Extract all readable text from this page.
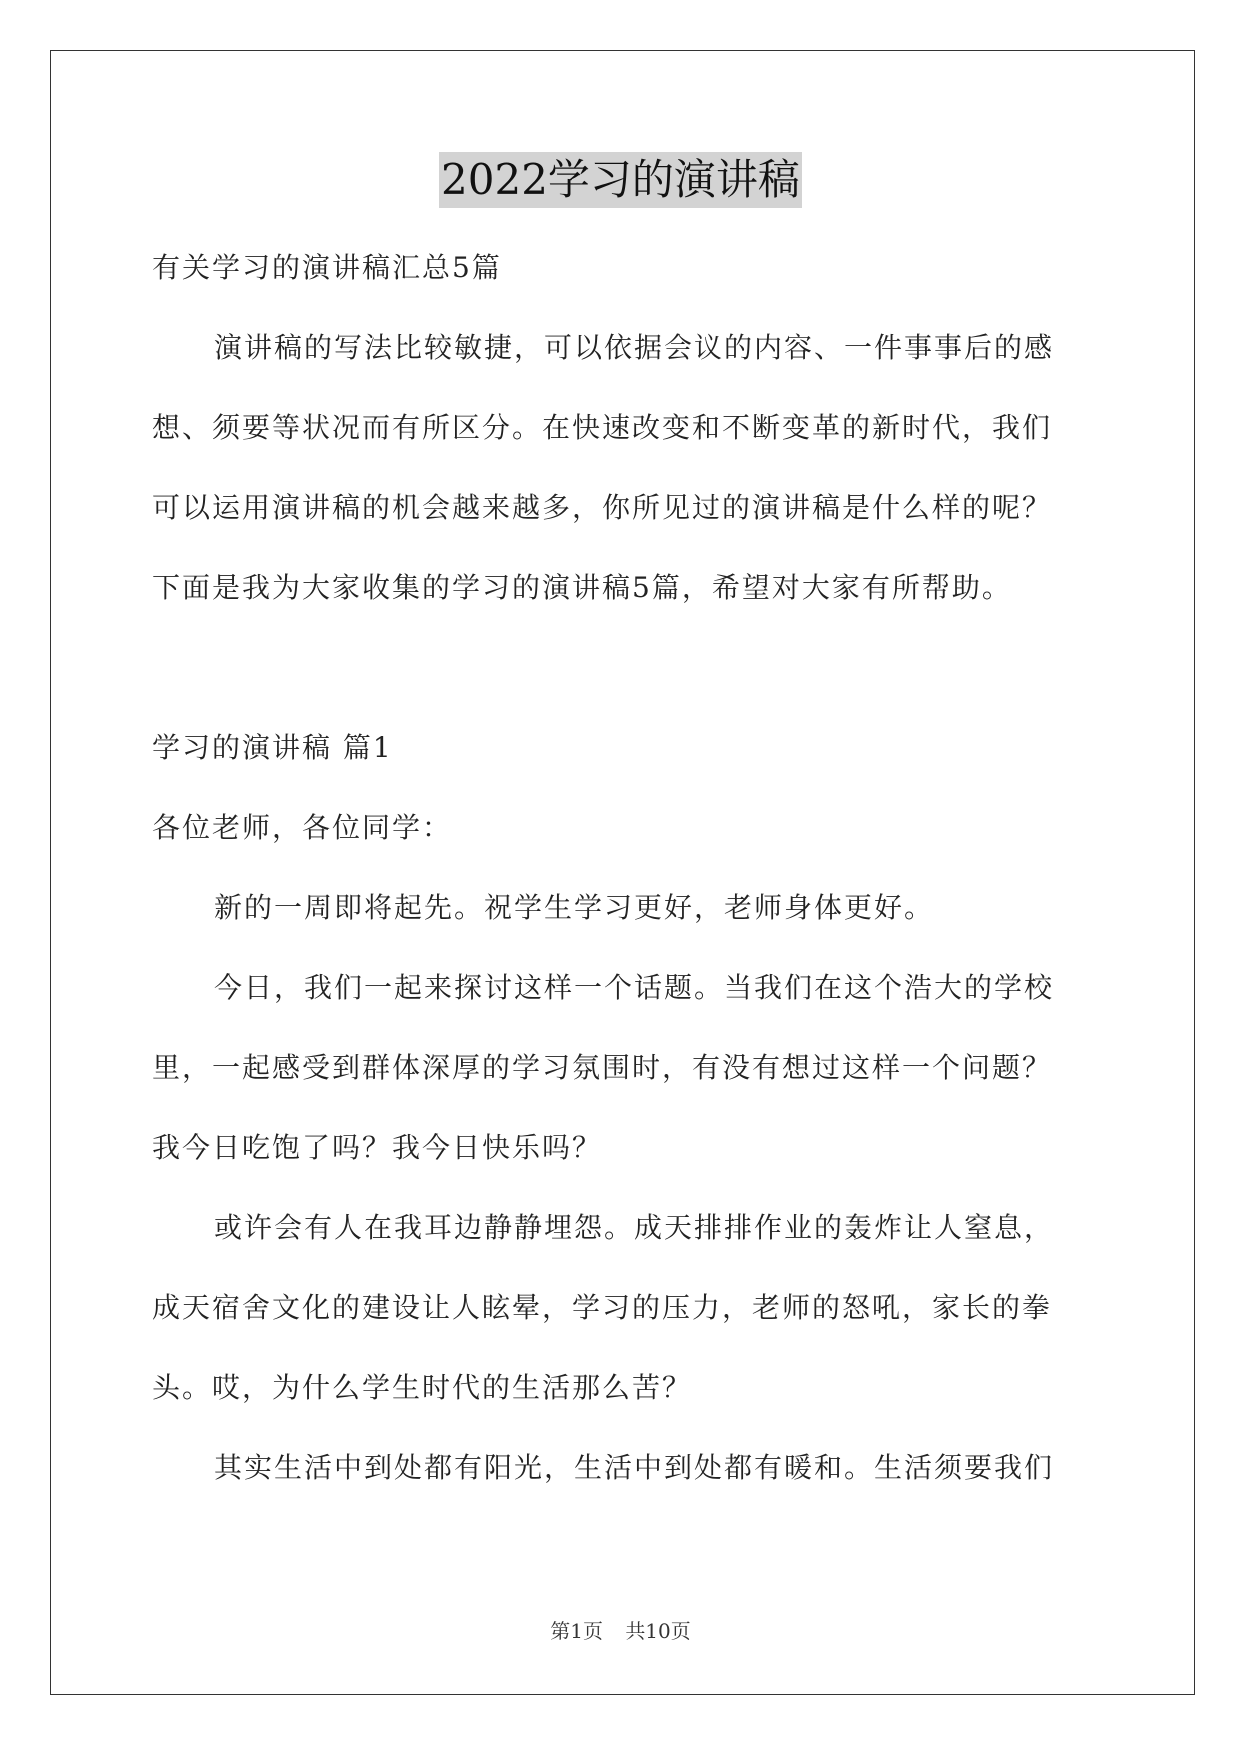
2022学习的演讲稿
有关学习的演讲稿汇总5篇
演讲稿的写法比较敏捷，可以依据会议的内容、一件事事后的感
想、须要等状况而有所区分。在快速改变和不断变革的新时代，我们
可以运用演讲稿的机会越来越多，你所见过的演讲稿是什么样的呢？
下面是我为大家收集的学习的演讲稿5篇，希望对大家有所帮助。
学习的演讲稿 篇1
各位老师，各位同学：
新的一周即将起先。祝学生学习更好，老师身体更好。
今日，我们一起来探讨这样一个话题。当我们在这个浩大的学校
里，一起感受到群体深厚的学习氛围时，有没有想过这样一个问题？
我今日吃饱了吗？我今日快乐吗？
或许会有人在我耳边静静埋怨。成天排排作业的轰炸让人窒息，
成天宿舍文化的建设让人眩晕，学习的压力，老师的怒吼，家长的拳
头。哎，为什么学生时代的生活那么苦？
其实生活中到处都有阳光，生活中到处都有暖和。生活须要我们
第1页 共10页
